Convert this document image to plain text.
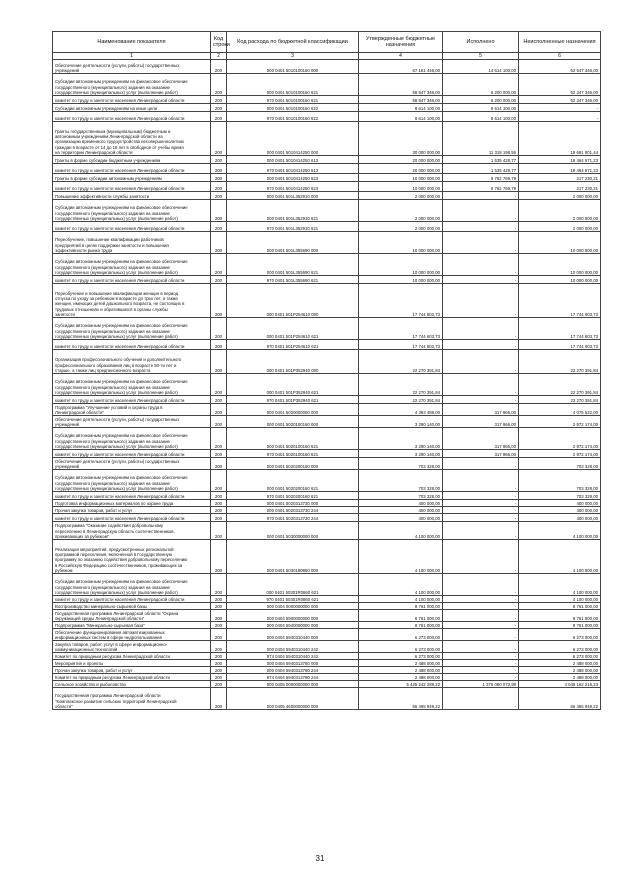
Наименование показателя	Код строки	Код расхода по бюджетной классификации	Утвержденные бюджетные назначения	Исполнено	Неисполненные назначения
1	2	3	4	5	6
Обеспечение деятельности (услуги, работы) государственных
учреждений	200	000 0401 5010100160 000	67 161 446,00	14 614 100,00	52 547 346,00
Субсидии автономным учреждениям на финансовое обеспечение
государственного (муниципального) задания на оказание
государственных (муниципальных) услуг (выполнение работ)	200	000 0401 5010100160 621	58 547 346,00	6 200 000,00	52 347 346,00
комитет по труду и занятости населения Ленинградской области	200	970 0401 5010100160 621	58 547 346,00	6 200 000,00	52 347 346,00
Субсидии автономным учреждениям на иные цели	200	000 0401 5010100160 622	8 614 100,00	8 614 100,00	-
комитет по труду и занятости населения Ленинградской области	200	970 0401 5010100160 622	8 614 100,00	8 614 100,00	-
Гранты государственным (муниципальным) бюджетным и
автономным учреждениям Ленинградской области на
организацию временного трудоустройства несовершеннолетних
граждан в возрасте от 14 до 18 лет в свободное от учебы время
на территории Ленинградской области	200	000 0401 5010414250 000	30 000 000,00	11 318 198,56	18 681 801,44
Гранты в форме субсидии бюджетным учреждениям	200	000 0401 5010414250 613	20 000 000,00	1 535 428,77	18 464 571,23
комитет по труду и занятости населения Ленинградской области	200	970 0401 5010414250 613	20 000 000,00	1 535 428,77	18 464 571,23
Гранты в форме субсидии автономным учреждениям	200	000 0401 5010414250 623	10 000 000,00	9 782 769,79	217 230,21
комитет по труду и занятости населения Ленинградской области	200	970 0401 5010414250 623	10 000 000,00	9 782 769,79	217 230,21
Повышение эффективности службы занятости	200	000 0401 501L352910 000	2 000 000,00	-	2 000 000,00
Субсидии автономным учреждениям на финансовое обеспечение
государственного (муниципального) задания на оказание
государственных (муниципальных) услуг (выполнение работ)	200	000 0401 501L352910 621	2 000 000,00	-	2 000 000,00
комитет по труду и занятости населения Ленинградской области	200	970 0401 501L352910 621	2 000 000,00	-	2 000 000,00
Переобучение, повышение квалификации работников
предприятий в целях поддержки занятости и повышения
эффективности рынка труда	200	000 0401 501L355690 000	10 000 000,00	-	10 000 000,00
Субсидии автономным учреждениям на финансовое обеспечение
государственного (муниципального) задания на оказание
государственных (муниципальных) услуг (выполнение работ)	200	000 0401 501L355690 621	10 000 000,00	-	10 000 000,00
комитет по труду и занятости населения Ленинградской области	200	970 0401 501L355690 621	10 000 000,00	-	10 000 000,00
Переобучение и повышение квалификации женщин в период
отпуска по уходу за ребенком в возрасте до трех лет, а также
женщин, имеющих детей дошкольного возраста, не состоящих в
трудовых отношениях и обратившихся в органы службы
занятости	200	000 0401 501P254610 000	17 744 603,73	-	17 744 603,73
Субсидии автономным учреждениям на финансовое обеспечение
государственного (муниципального) задания на оказание
государственных (муниципальных) услуг (выполнение работ)	200	000 0401 501P254610 621	17 744 603,73	-	17 744 603,73
комитет по труду и занятости населения Ленинградской области	200	970 0401 501P254610 621	17 744 603,73	-	17 744 603,73
Организация профессионального обучения и дополнительного
профессионального образования лиц в возрасте 50-ти лет и
старше, а также лиц предпенсионного возраста	200	000 0401 501P352940 000	22 270 391,84	-	22 270 391,84
Субсидии автономным учреждениям на финансовое обеспечение
государственного (муниципального) задания на оказание
государственных (муниципальных) услуг (выполнение работ)	200	000 0401 501P352940 621	22 270 391,84	-	22 270 391,84
комитет по труду и занятости населения Ленинградской области	200	970 0401 501P352940 621	22 270 391,84	-	22 270 391,84
Подпрограмма "Улучшение условий и охраны труда в
Ленинградской области"	200	000 0401 5020000000 000	4 393 488,00	317 966,00	4 075 522,00
Обеспечение деятельности (услуги, работы) государственных
учреждений	200	000 0401 5020100160 000	3 290 140,00	317 966,00	2 972 174,00
Субсидии автономным учреждениям на финансовое обеспечение
государственного (муниципального) задания на оказание
государственных (муниципальных) услуг (выполнение работ)	200	000 0401 5020100160 621	3 290 140,00	317 966,00	2 972 174,00
комитет по труду и занятости населения Ленинградской области	200	970 0401 5020100160 621	3 290 140,00	317 966,00	2 972 174,00
Обеспечение деятельности (услуги, работы) государственных
учреждений	200	000 0401 5020200160 000	703 328,00	-	703 328,00
Субсидии автономным учреждениям на финансовое обеспечение
государственного (муниципального) задания на оказание
государственных (муниципальных) услуг (выполнение работ)	200	000 0401 5020200160 621	703 328,00	-	703 328,00
комитет по труду и занятости населения Ленинградской области	200	970 0401 5020200160 621	703 328,00	-	703 328,00
Подготовка информационных материалов по охране труда	200	000 0401 5020313730 000	400 000,00	-	400 000,00
Прочая закупка товаров, работ и услуг	200	000 0401 5020313730 244	400 000,00	-	400 000,00
комитет по труду и занятости населения Ленинградской области	200	970 0401 5020313730 244	400 000,00	-	400 000,00
Подпрограмма "Оказание содействия добровольному
переселению в Ленинградскую область соотечественников,
проживающих за рубежом"	200	000 0401 5030000000 000	4 100 000,00	-	4 100 000,00
Реализация мероприятий, предусмотренных региональной
программой переселения, включенной в Государственную
программу по оказанию содействия добровольному переселению
в Российскую Федерацию соотечественников, проживающих за
рубежом	200	000 0401 5030180860 000	4 100 000,00	-	4 100 000,00
Субсидии автономным учреждениям на финансовое обеспечение
государственного (муниципального) задания на оказание
государственных (муниципальных) услуг (выполнение работ)	200	000 0401 50301R0860 621	4 100 000,00	-	4 100 000,00
комитет по труду и занятости населения Ленинградской области	200	970 0401 50301R0860 621	4 100 000,00	-	4 100 000,00
Воспроизводство минерально-сырьевой базы	200	000 0404 0000000000 000	8 761 000,00	-	8 761 000,00
Государственная программа Ленинградской области "Охрана
окружающей среды Ленинградской области"	200	000 0404 5900000000 000	8 761 000,00	-	8 761 000,00
Подпрограмма "Минерально-сырьевая база"	200	000 0404 5940000000 000	8 761 000,00	-	8 761 000,00
Обеспечение функционирования автоматизированных
информационных систем в сфере недропользования	200	000 0404 5940310440 000	6 273 000,00	-	6 273 000,00
Закупка товаров, работ, услуг в сфере информационно-
коммуникационных технологий	200	000 0404 5940310440 242	6 273 000,00	-	6 273 000,00
Комитет по природным ресурсам Ленинградской области	200	974 0404 5940310440 242	6 273 000,00	-	6 273 000,00
Мероприятия и проекты	200	000 0404 5940313760 000	2 488 000,00	-	2 488 000,00
Прочая закупка товаров, работ и услуг	200	000 0404 5940313760 244	2 488 000,00	-	2 488 000,00
Комитет по природным ресурсам Ленинградской области	200	974 0404 5940313760 244	2 488 000,00	-	2 488 000,00
Сельское хозяйство и рыболовство	200	000 0405 0000000000 000	5 425 242 289,22	1 376 080 073,99	4 049 162 215,23
Государственная программа Ленинградской области
"Комплексное развитие сельских территорий Ленинградской
области"	200	000 0405 4600000000 000	66 465 949,22	-	66 465 949,22
31
